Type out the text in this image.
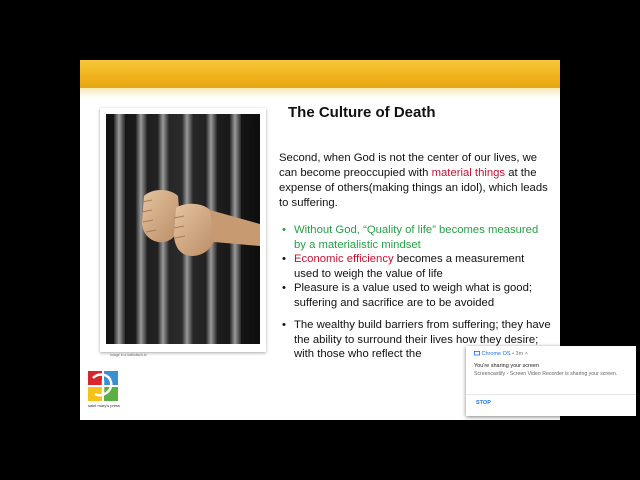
Image in a katholisch.lo
The Culture of Death
Second, when God is not the center of our lives, we can become preoccupied with material things at the expense of others(making things an idol), which leads to suffering.
• Without God, “Quality of life” becomes measured by a materialistic mindset
• Economic efficiency becomes a measurement used to weigh the value of life
• Pleasure is a value used to weigh what is good; suffering and sacrifice are to be avoided
• The wealthy build barriers from suffering; they have the ability to surround their lives how they desire; with those who reflect the
saint mary's press
Chrome OS • 3m ˄
You're sharing your screen
Screencastify - Screen Video Recorder is sharing your screen.
STOP
